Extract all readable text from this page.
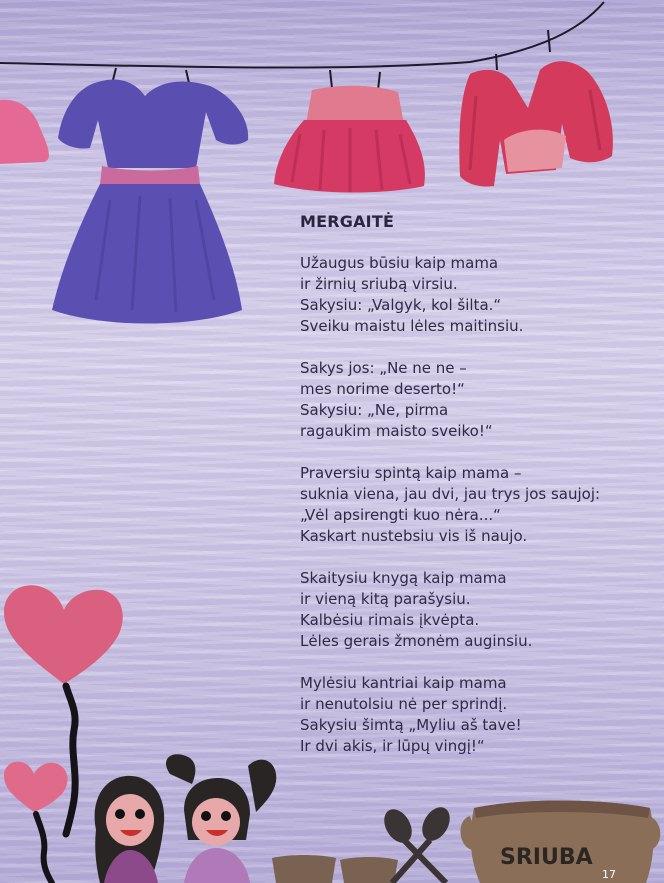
SRIUBA
MERGAITĖ
Užaugus būsiu kaip mama
ir žirnių sriubą virsiu.
Sakysiu: „Valgyk, kol šilta.“
Sveiku maistu lėles maitinsiu.
Sakys jos: „Ne ne ne –
mes norime deserto!“
Sakysiu: „Ne, pirma
ragaukim maisto sveiko!“
Praversiu spintą kaip mama –
suknia viena, jau dvi, jau trys jos saujoj:
„Vėl apsirengti kuo nėra...“
Kaskart nustebsiu vis iš naujo.
Skaitysiu knygą kaip mama
ir vieną kitą parašysiu.
Kalbėsiu rimais įkvėpta.
Lėles gerais žmonėm auginsiu.
Mylėsiu kantriai kaip mama
ir nenutolsiu nė per sprindį.
Sakysiu šimtą „Myliu aš tave!
Ir dvi akis, ir lūpų vingį!“
17
